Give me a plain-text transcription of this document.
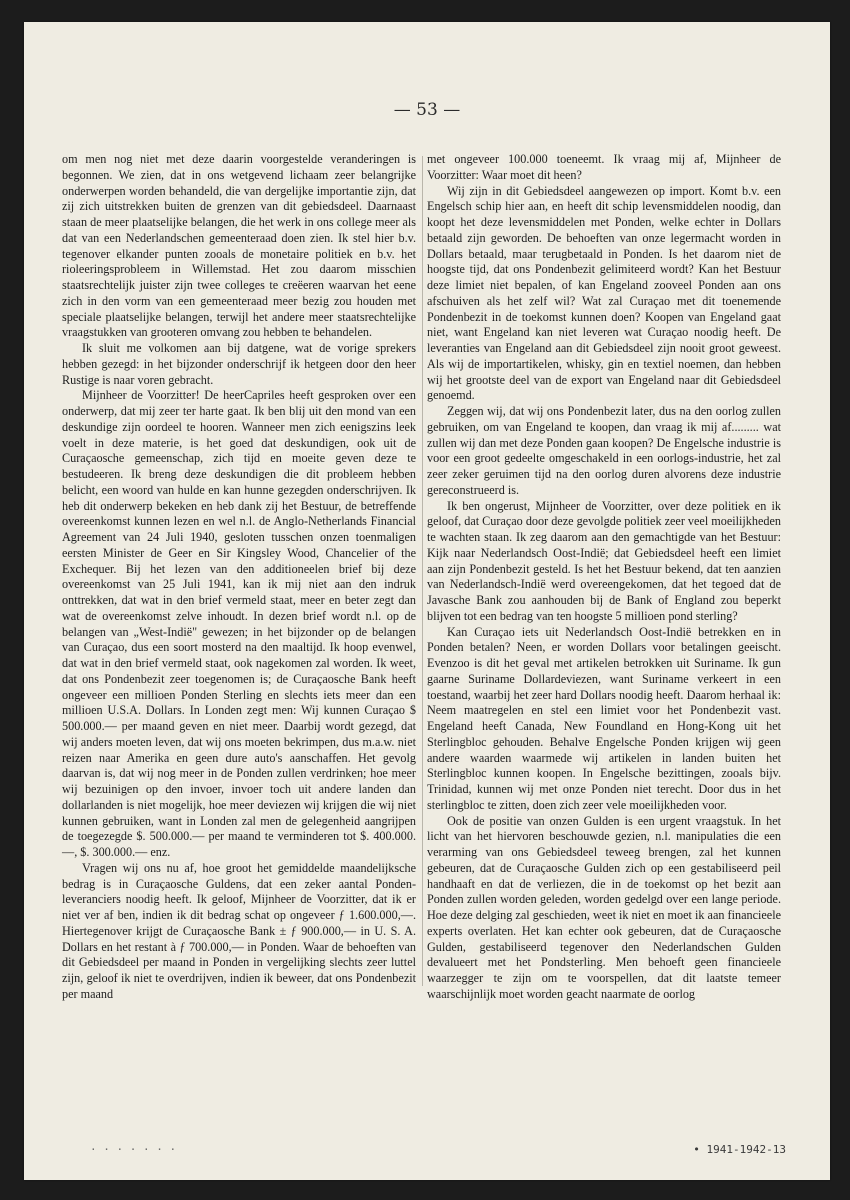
— 53 —

om men nog niet met deze daarin voorgestelde veranderingen is begonnen. We zien, dat in ons wetgevend lichaam zeer belangrijke onderwerpen worden behandeld, die van dergelijke importantie zijn, dat zij zich uitstrekken buiten de grenzen van dit gebiedsdeel. Daarnaast staan de meer plaatselijke belangen, die het werk in ons college meer als dat van een Nederlandschen gemeenteraad doen zien. Ik stel hier b.v. tegenover elkander punten zooals de monetaire politiek en b.v. het rioleeringsprobleem in Willemstad. Het zou daarom misschien staatsrechtelijk juister zijn twee colleges te creëeren waarvan het eene zich in den vorm van een gemeenteraad meer bezig zou houden met speciale plaatselijke belangen, terwijl het andere meer staatsrechtelijke vraagstukken van grooteren omvang zou hebben te behandelen.

Ik sluit me volkomen aan bij datgene, wat de vorige sprekers hebben gezegd: in het bijzonder onderschrijf ik hetgeen door den heer Rustige is naar voren gebracht.

Mijnheer de Voorzitter! De heerCapriles heeft gesproken over een onderwerp, dat mij zeer ter harte gaat. Ik ben blij uit den mond van een deskundige zijn oordeel te hooren. Wanneer men zich eenigszins leek voelt in deze materie, is het goed dat deskundigen, ook uit de Curaçaosche gemeenschap, zich tijd en moeite geven deze te bestudeeren. Ik breng deze deskundigen die dit probleem hebben belicht, een woord van hulde en kan hunne gezegden onderschrijven. Ik heb dit onderwerp bekeken en heb dank zij het Bestuur, de betreffende overeenkomst kunnen lezen en wel n.l. de Anglo-Netherlands Financial Agreement van 24 Juli 1940, gesloten tusschen onzen toenmaligen eersten Minister de Geer en Sir Kingsley Wood, Chancelier of the Exchequer. Bij het lezen van den additioneelen brief bij deze overeenkomst van 25 Juli 1941, kan ik mij niet aan den indruk onttrekken, dat wat in den brief vermeld staat, meer en beter zegt dan wat de overeenkomst zelve inhoudt. In dezen brief wordt n.l. op de belangen van „West-Indië" gewezen; in het bijzonder op de belangen van Curaçao, dus een soort mosterd na den maaltijd. Ik hoop evenwel, dat wat in den brief vermeld staat, ook nagekomen zal worden. Ik weet, dat ons Pondenbezit zeer toegenomen is; de Curaçaosche Bank heeft ongeveer een millioen Ponden Sterling en slechts iets meer dan een millioen U.S.A. Dollars. In Londen zegt men: Wij kunnen Curaçao $ 500.000.— per maand geven en niet meer. Daarbij wordt gezegd, dat wij anders moeten leven, dat wij ons moeten bekrimpen, dus m.a.w. niet reizen naar Amerika en geen dure auto's aanschaffen. Het gevolg daarvan is, dat wij nog meer in de Ponden zullen verdrinken; hoe meer wij bezuinigen op den invoer, invoer toch uit andere landen dan dollarlanden is niet mogelijk, hoe meer deviezen wij krijgen die wij niet kunnen gebruiken, want in Londen zal men de gelegenheid aangrijpen de toegezegde $. 500.000.— per maand te verminderen tot $. 400.000.—, $. 300.000.— enz.

Vragen wij ons nu af, hoe groot het gemiddelde maandelijksche bedrag is in Curaçaosche Guldens, dat een zeker aantal Ponden-leveranciers noodig heeft. Ik geloof, Mijnheer de Voorzitter, dat ik er niet ver af ben, indien ik dit bedrag schat op ongeveer ƒ 1.600.000,—. Hiertegenover krijgt de Curaçaosche Bank ± ƒ 900.000,— in U. S. A. Dollars en het restant à ƒ 700.000,— in Ponden. Waar de behoeften van dit Gebiedsdeel per maand in Ponden in vergelijking slechts zeer luttel zijn, geloof ik niet te overdrijven, indien ik beweer, dat ons Pondenbezit per maand

met ongeveer 100.000 toeneemt. Ik vraag mij af, Mijnheer de Voorzitter: Waar moet dit heen?

Wij zijn in dit Gebiedsdeel aangewezen op import. Komt b.v. een Engelsch schip hier aan, en heeft dit schip levensmiddelen noodig, dan koopt het deze levensmiddelen met Ponden, welke echter in Dollars betaald zijn geworden. De behoeften van onze legermacht worden in Dollars betaald, maar terugbetaald in Ponden. Is het daarom niet de hoogste tijd, dat ons Pondenbezit gelimiteerd wordt? Kan het Bestuur deze limiet niet bepalen, of kan Engeland zooveel Ponden aan ons afschuiven als het zelf wil? Wat zal Curaçao met dit toenemende Pondenbezit in de toekomst kunnen doen? Koopen van Engeland gaat niet, want Engeland kan niet leveren wat Curaçao noodig heeft. De leveranties van Engeland aan dit Gebiedsdeel zijn nooit groot geweest. Als wij de importartikelen, whisky, gin en textiel noemen, dan hebben wij het grootste deel van de export van Engeland naar dit Gebiedsdeel genoemd.

Zeggen wij, dat wij ons Pondenbezit later, dus na den oorlog zullen gebruiken, om van Engeland te koopen, dan vraag ik mij af......... wat zullen wij dan met deze Ponden gaan koopen? De Engelsche industrie is voor een groot gedeelte omgeschakeld in een oorlogs-industrie, het zal zeer zeker geruimen tijd na den oorlog duren alvorens deze industrie gereconstrueerd is.

Ik ben ongerust, Mijnheer de Voorzitter, over deze politiek en ik geloof, dat Curaçao door deze gevolgde politiek zeer veel moeilijkheden te wachten staan. Ik zeg daarom aan den gemachtigde van het Bestuur: Kijk naar Nederlandsch Oost-Indië; dat Gebiedsdeel heeft een limiet aan zijn Pondenbezit gesteld. Is het het Bestuur bekend, dat ten aanzien van Nederlandsch-Indië werd overeengekomen, dat het tegoed dat de Javasche Bank zou aanhouden bij de Bank of England zou beperkt blijven tot een bedrag van ten hoogste 5 millioen pond sterling?

Kan Curaçao iets uit Nederlandsch Oost-Indië betrekken en in Ponden betalen? Neen, er worden Dollars voor betalingen geeischt. Evenzoo is dit het geval met artikelen betrokken uit Suriname. Ik gun gaarne Suriname Dollardeviezen, want Suriname verkeert in een toestand, waarbij het zeer hard Dollars noodig heeft. Daarom herhaal ik: Neem maatregelen en stel een limiet voor het Pondenbezit vast. Engeland heeft Canada, New Foundland en Hong-Kong uit het Sterlingbloc gehouden. Behalve Engelsche Ponden krijgen wij geen andere waarden waarmede wij artikelen in landen buiten het Sterlingbloc kunnen koopen. In Engelsche bezittingen, zooals bijv. Trinidad, kunnen wij met onze Ponden niet terecht. Door dus in het sterlingbloc te zitten, doen zich zeer vele moeilijkheden voor.

Ook de positie van onzen Gulden is een urgent vraagstuk. In het licht van het hiervoren beschouwde gezien, n.l. manipulaties die een verarming van ons Gebiedsdeel teweeg brengen, zal het kunnen gebeuren, dat de Curaçaosche Gulden zich op een gestabiliseerd peil handhaaft en dat de verliezen, die in de toekomst op het bezit aan Ponden zullen worden geleden, worden gedelgd over een lange periode. Hoe deze delging zal geschieden, weet ik niet en moet ik aan financieele experts overlaten. Het kan echter ook gebeuren, dat de Curaçaosche Gulden, gestabiliseerd tegenover den Nederlandschen Gulden devalueert met het Pondsterling. Men behoeft geen financieele waarzegger te zijn om te voorspellen, dat dit laatste temeer waarschijnlijk moet worden geacht naarmate de oorlog

· · · · · · ·	• 1941-1942-13
